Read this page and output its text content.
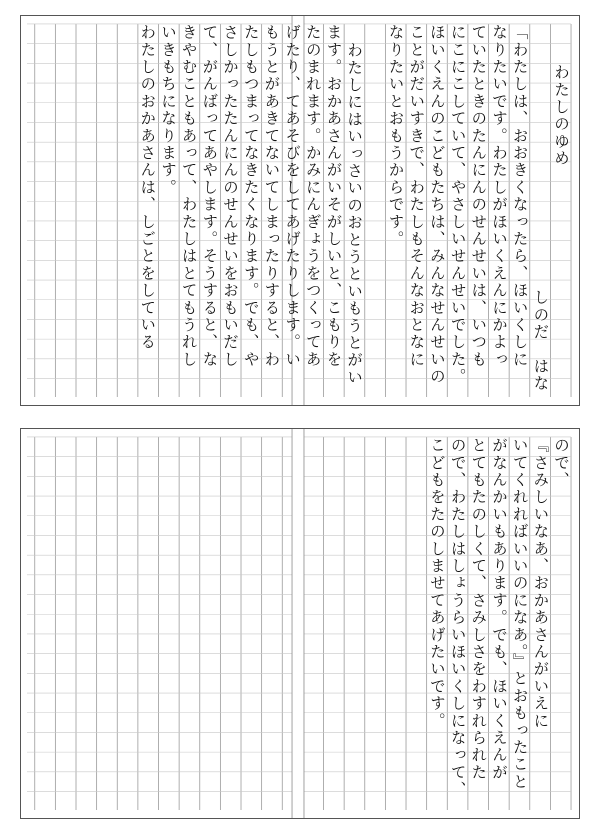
わたしのゆめ
しのだ　はな
「わたしは、おおきくなったら、ほいくしに
なりたいです。わたしがほいくえんにかよっ
ていたときのたんにんのせんせいは、いつも
にこにこしていて、やさしいせんせいでした。
ほいくえんのこどもたちは、みんなせんせいの
ことがだいすきで、わたしもそんなおとなに
なりたいとおもうからです。
わたしにはいっさいのおとうといもうとがい
ます。おかあさんがいそがしいと、こもりを
たのまれます。かみにんぎょうをつくってあ
げたり、てあそびをしてあげたりします。い
もうとがあきてないてしまったりすると、わ
たしもつまってなきたくなります。でも、や
さしかったたんにんのせんせいをおもいだし
て、がんばってあやします。そうすると、な
きやむこともあって、わたしはとてもうれし
いきもちになります。
わたしのおかあさんは、しごとをしている
ので、
『さみしいなあ、おかあさんがいえに
いてくれればいいのになあ。』とおもったこと
がなんかいもあります。でも、ほいくえんが
とてもたのしくて、さみしさをわすれられた
ので、わたしはしょうらいほいくしになって、
こどもをたのしませてあげたいです。
